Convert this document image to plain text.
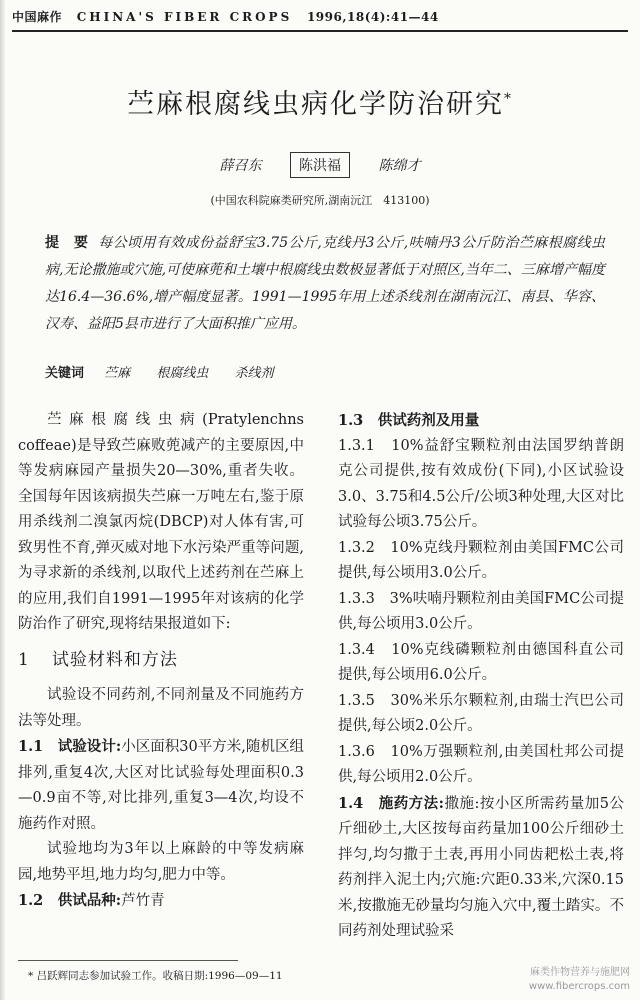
中国麻作 CHINA'S FIBER CROPS 1996,18(4):41—44
苎麻根腐线虫病化学防治研究*
薛召东	陈洪福	陈绵才
(中国农科院麻类研究所,湖南沅江　413100)
提　要 每公顷用有效成份益舒宝3.75公斤,克线丹3公斤,呋喃丹3公斤防治苎麻根腐线虫病,无论撒施或穴施,可使麻蔸和土壤中根腐线虫数极显著低于对照区,当年二、三麻增产幅度达16.4—36.6%,增产幅度显著。1991—1995年用上述杀线剂在湖南沅江、南县、华容、汉寿、益阳5县市进行了大面积推广应用。
关键词 苎麻 根腐线虫 杀线剂

苎麻根腐线虫病(Pratylenchns coffeae)是导致苎麻败蔸减产的主要原因,中等发病麻园产量损失20—30%,重者失收。全国每年因该病损失苎麻一万吨左右,鉴于原用杀线剂二溴氯丙烷(DBCP)对人体有害,可致男性不育,弹灭威对地下水污染严重等问题,为寻求新的杀线剂,以取代上述药剂在苎麻上的应用,我们自1991—1995年对该病的化学防治作了研究,现将结果报道如下:

1 试验材料和方法

试验设不同药剂,不同剂量及不同施药方法等处理。

1.1　试验设计:小区面积30平方米,随机区组排列,重复4次,大区对比试验每处理面积0.3—0.9亩不等,对比排列,重复3—4次,均设不施药作对照。

试验地均为3年以上麻龄的中等发病麻园,地势平坦,地力均匀,肥力中等。

1.2　供试品种:芦竹青

1.3　供试药剂及用量

1.3.1　10%益舒宝颗粒剂由法国罗纳普朗克公司提供,按有效成份(下同),小区试验设3.0、3.75和4.5公斤/公顷3种处理,大区对比试验每公顷3.75公斤。

1.3.2　10%克线丹颗粒剂由美国FMC公司提供,每公顷用3.0公斤。

1.3.3　3%呋喃丹颗粒剂由美国FMC公司提供,每公顷用3.0公斤。

1.3.4　10%克线磷颗粒剂由德国科直公司提供,每公顷用6.0公斤。

1.3.5　30%米乐尔颗粒剂,由瑞士汽巴公司提供,每公顷2.0公斤。

1.3.6　10%万强颗粒剂,由美国杜邦公司提供,每公顷用2.0公斤。

1.4　施药方法:撒施:按小区所需药量加5公斤细砂土,大区按每亩药量加100公斤细砂土拌匀,均匀撒于土表,再用小同齿耙松土表,将药剂拌入泥土内;穴施:穴距0.33米,穴深0.15米,按撒施无砂量均匀施入穴中,覆土踏实。不同药剂处理试验采

* 吕跃辉同志参加试验工作。收稿日期:1996—09—11	麻类作物营养与施肥网
www.fibercrops.com
